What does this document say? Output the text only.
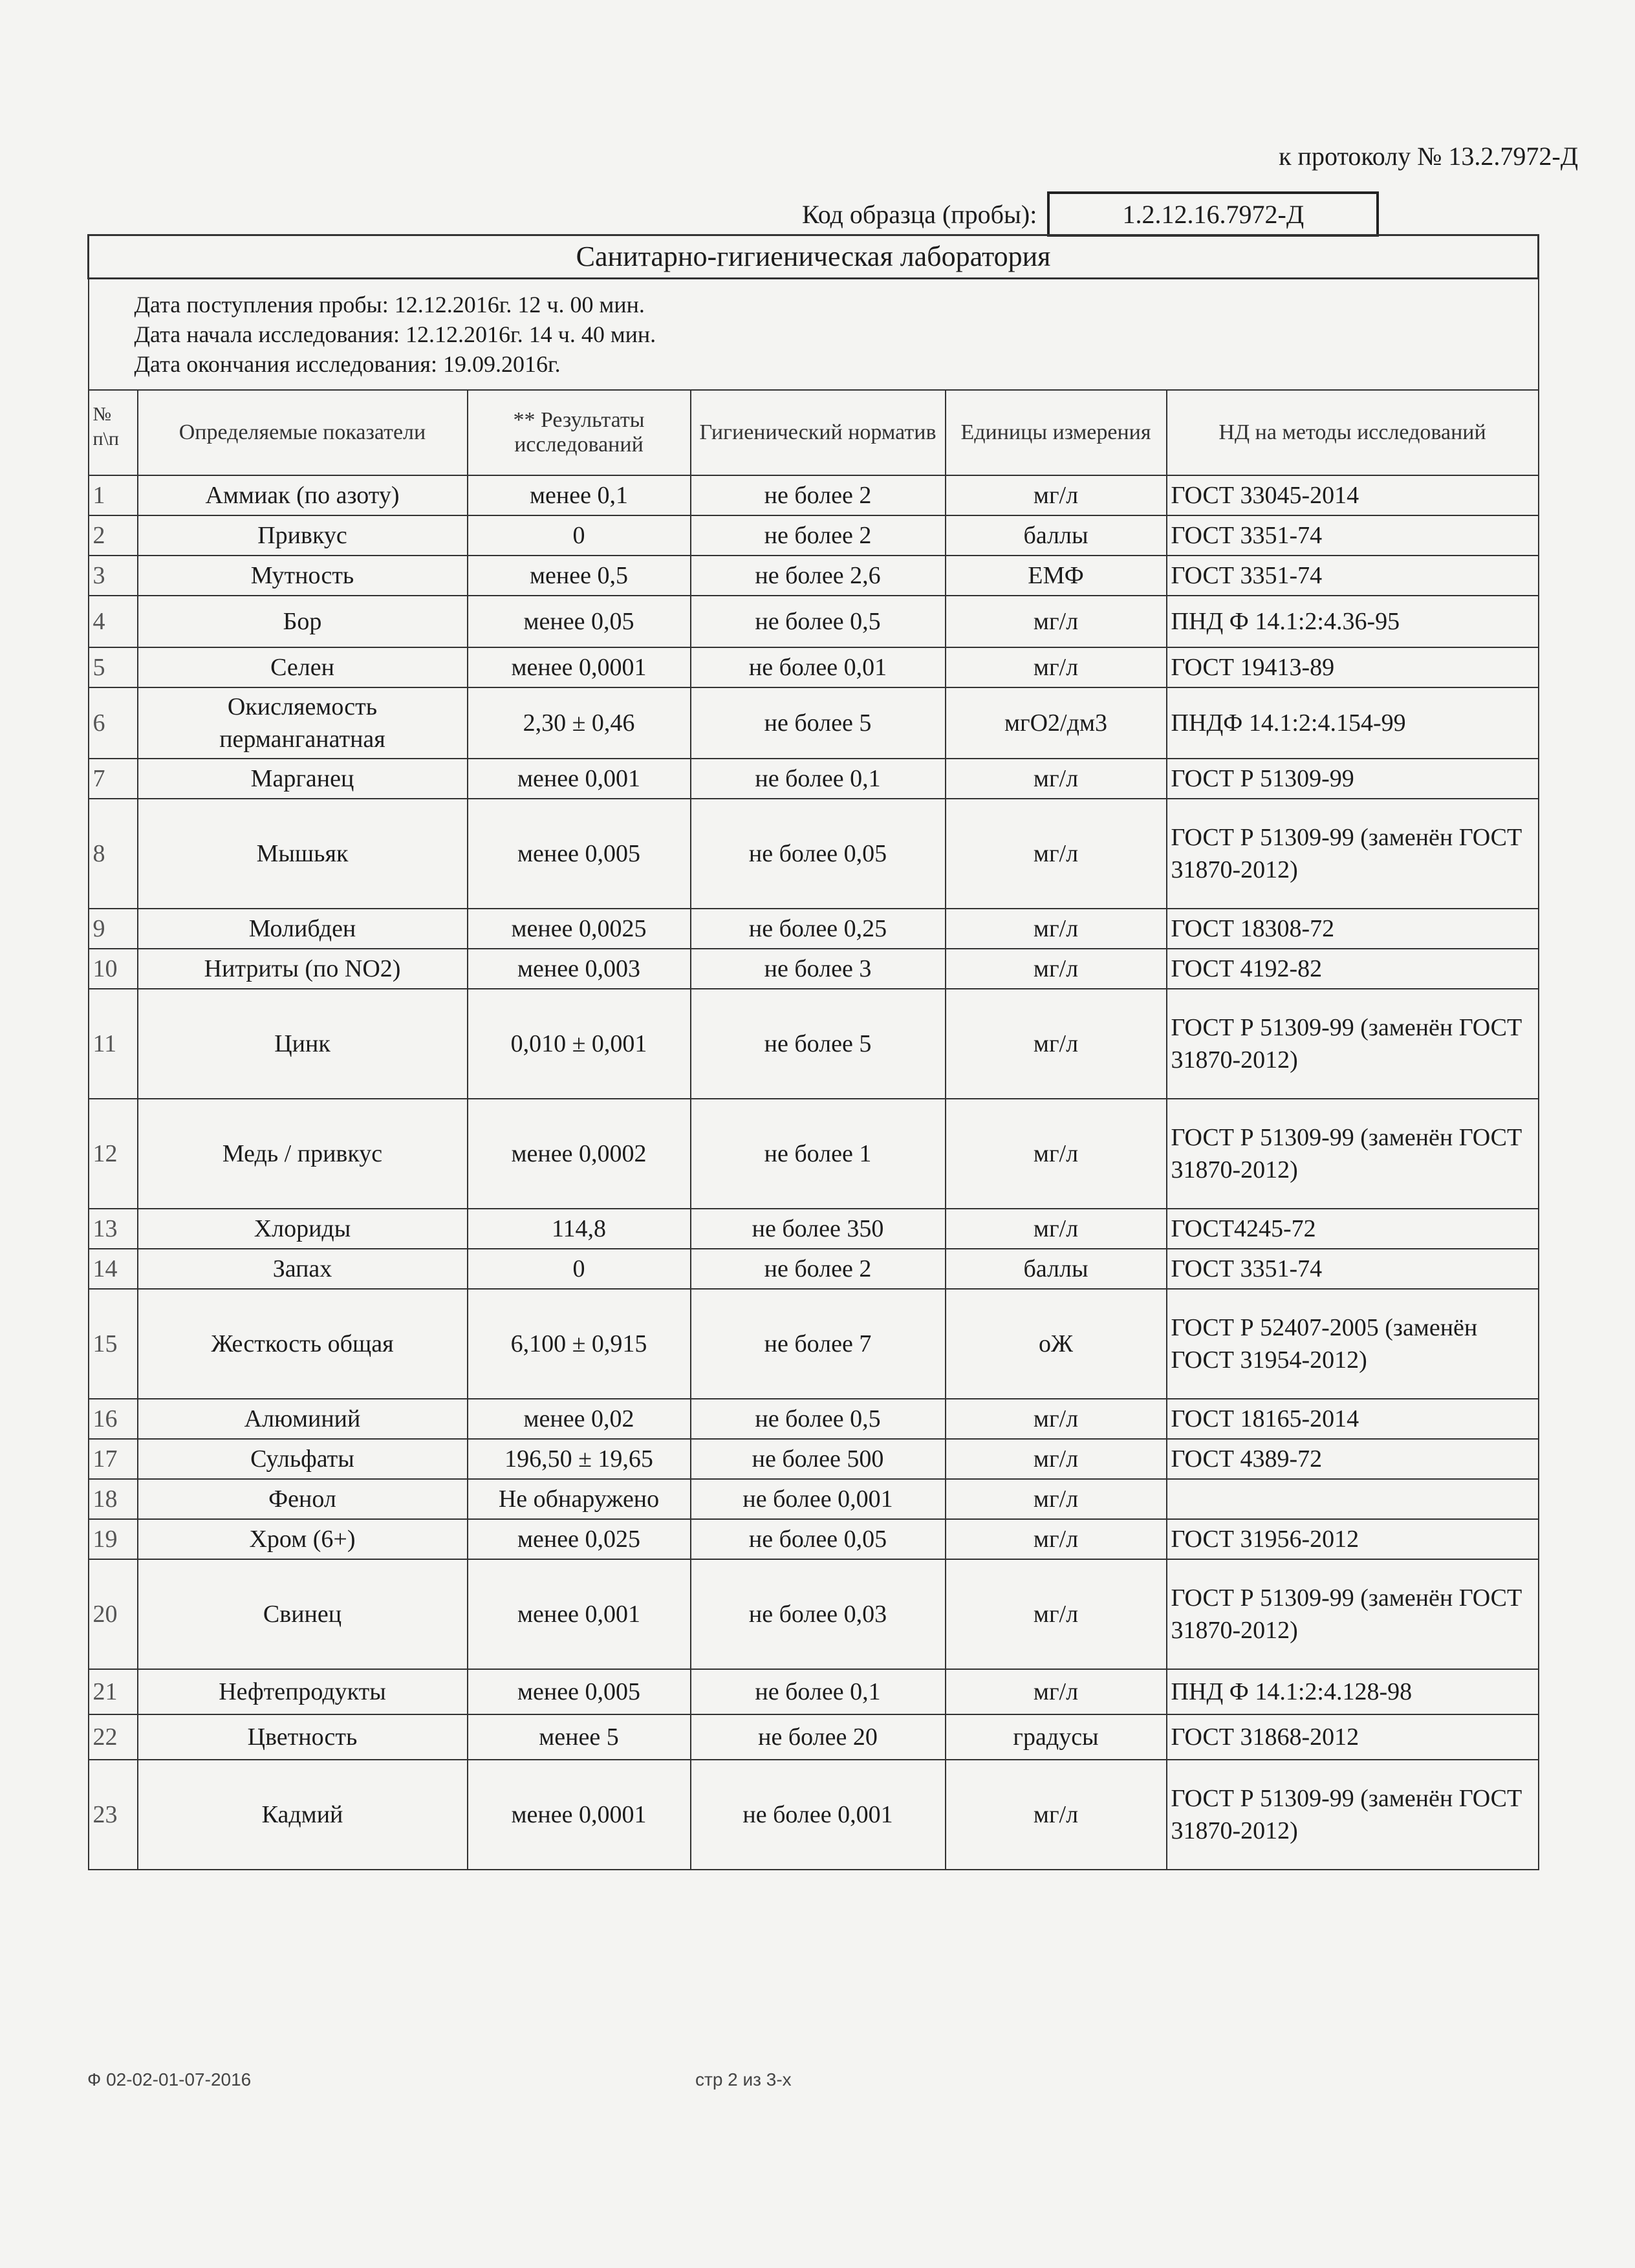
к протоколу № 13.2.7972-Д
Код образца (пробы):	1.2.12.16.7972-Д
Санитарно-гигиеническая лаборатория					

Дата поступления пробы: 12.12.2016г. 12 ч. 00 мин.
Дата начала исследования: 12.12.2016г. 14 ч. 40 мин.
Дата окончания исследования: 19.09.2016г.					

№ п\п	Определяемые показатели	** Результаты исследований	Гигиенический норматив	Единицы измерения	НД на методы исследований
1	Аммиак (по азоту)	менее 0,1	не более 2	мг/л	ГОСТ 33045-2014
2	Привкус	0	не более 2	баллы	ГОСТ 3351-74
3	Мутность	менее 0,5	не более 2,6	ЕМФ	ГОСТ 3351-74
4	Бор	менее 0,05	не более 0,5	мг/л	ПНД Ф 14.1:2:4.36-95
5	Селен	менее 0,0001	не более 0,01	мг/л	ГОСТ 19413-89
6	Окисляемость перманганатная	2,30 ± 0,46	не более 5	мгО2/дм3	ПНДФ 14.1:2:4.154-99
7	Марганец	менее 0,001	не более 0,1	мг/л	ГОСТ Р 51309-99
8	Мышьяк	менее 0,005	не более 0,05	мг/л	ГОСТ Р 51309-99 (заменён ГОСТ 31870-2012)
9	Молибден	менее 0,0025	не более 0,25	мг/л	ГОСТ 18308-72
10	Нитриты (по NO2)	менее 0,003	не более 3	мг/л	ГОСТ 4192-82
11	Цинк	0,010 ± 0,001	не более 5	мг/л	ГОСТ Р 51309-99 (заменён ГОСТ 31870-2012)
12	Медь / привкус	менее 0,0002	не более 1	мг/л	ГОСТ Р 51309-99 (заменён ГОСТ 31870-2012)
13	Хлориды	114,8	не более 350	мг/л	ГОСТ4245-72
14	Запах	0	не более 2	баллы	ГОСТ 3351-74
15	Жесткость общая	6,100 ± 0,915	не более 7	оЖ	ГОСТ Р 52407-2005 (заменён ГОСТ 31954-2012)
16	Алюминий	менее 0,02	не более 0,5	мг/л	ГОСТ 18165-2014
17	Сульфаты	196,50 ± 19,65	не более 500	мг/л	ГОСТ 4389-72
18	Фенол	Не обнаружено	не более 0,001	мг/л	
19	Хром (6+)	менее 0,025	не более 0,05	мг/л	ГОСТ 31956-2012
20	Свинец	менее 0,001	не более 0,03	мг/л	ГОСТ Р 51309-99 (заменён ГОСТ 31870-2012)
21	Нефтепродукты	менее 0,005	не более 0,1	мг/л	ПНД Ф 14.1:2:4.128-98
22	Цветность	менее 5	не более 20	градусы	ГОСТ 31868-2012
23	Кадмий	менее 0,0001	не более 0,001	мг/л	ГОСТ Р 51309-99 (заменён ГОСТ 31870-2012)
Ф 02-02-01-07-2016	стр 2 из 3-х
